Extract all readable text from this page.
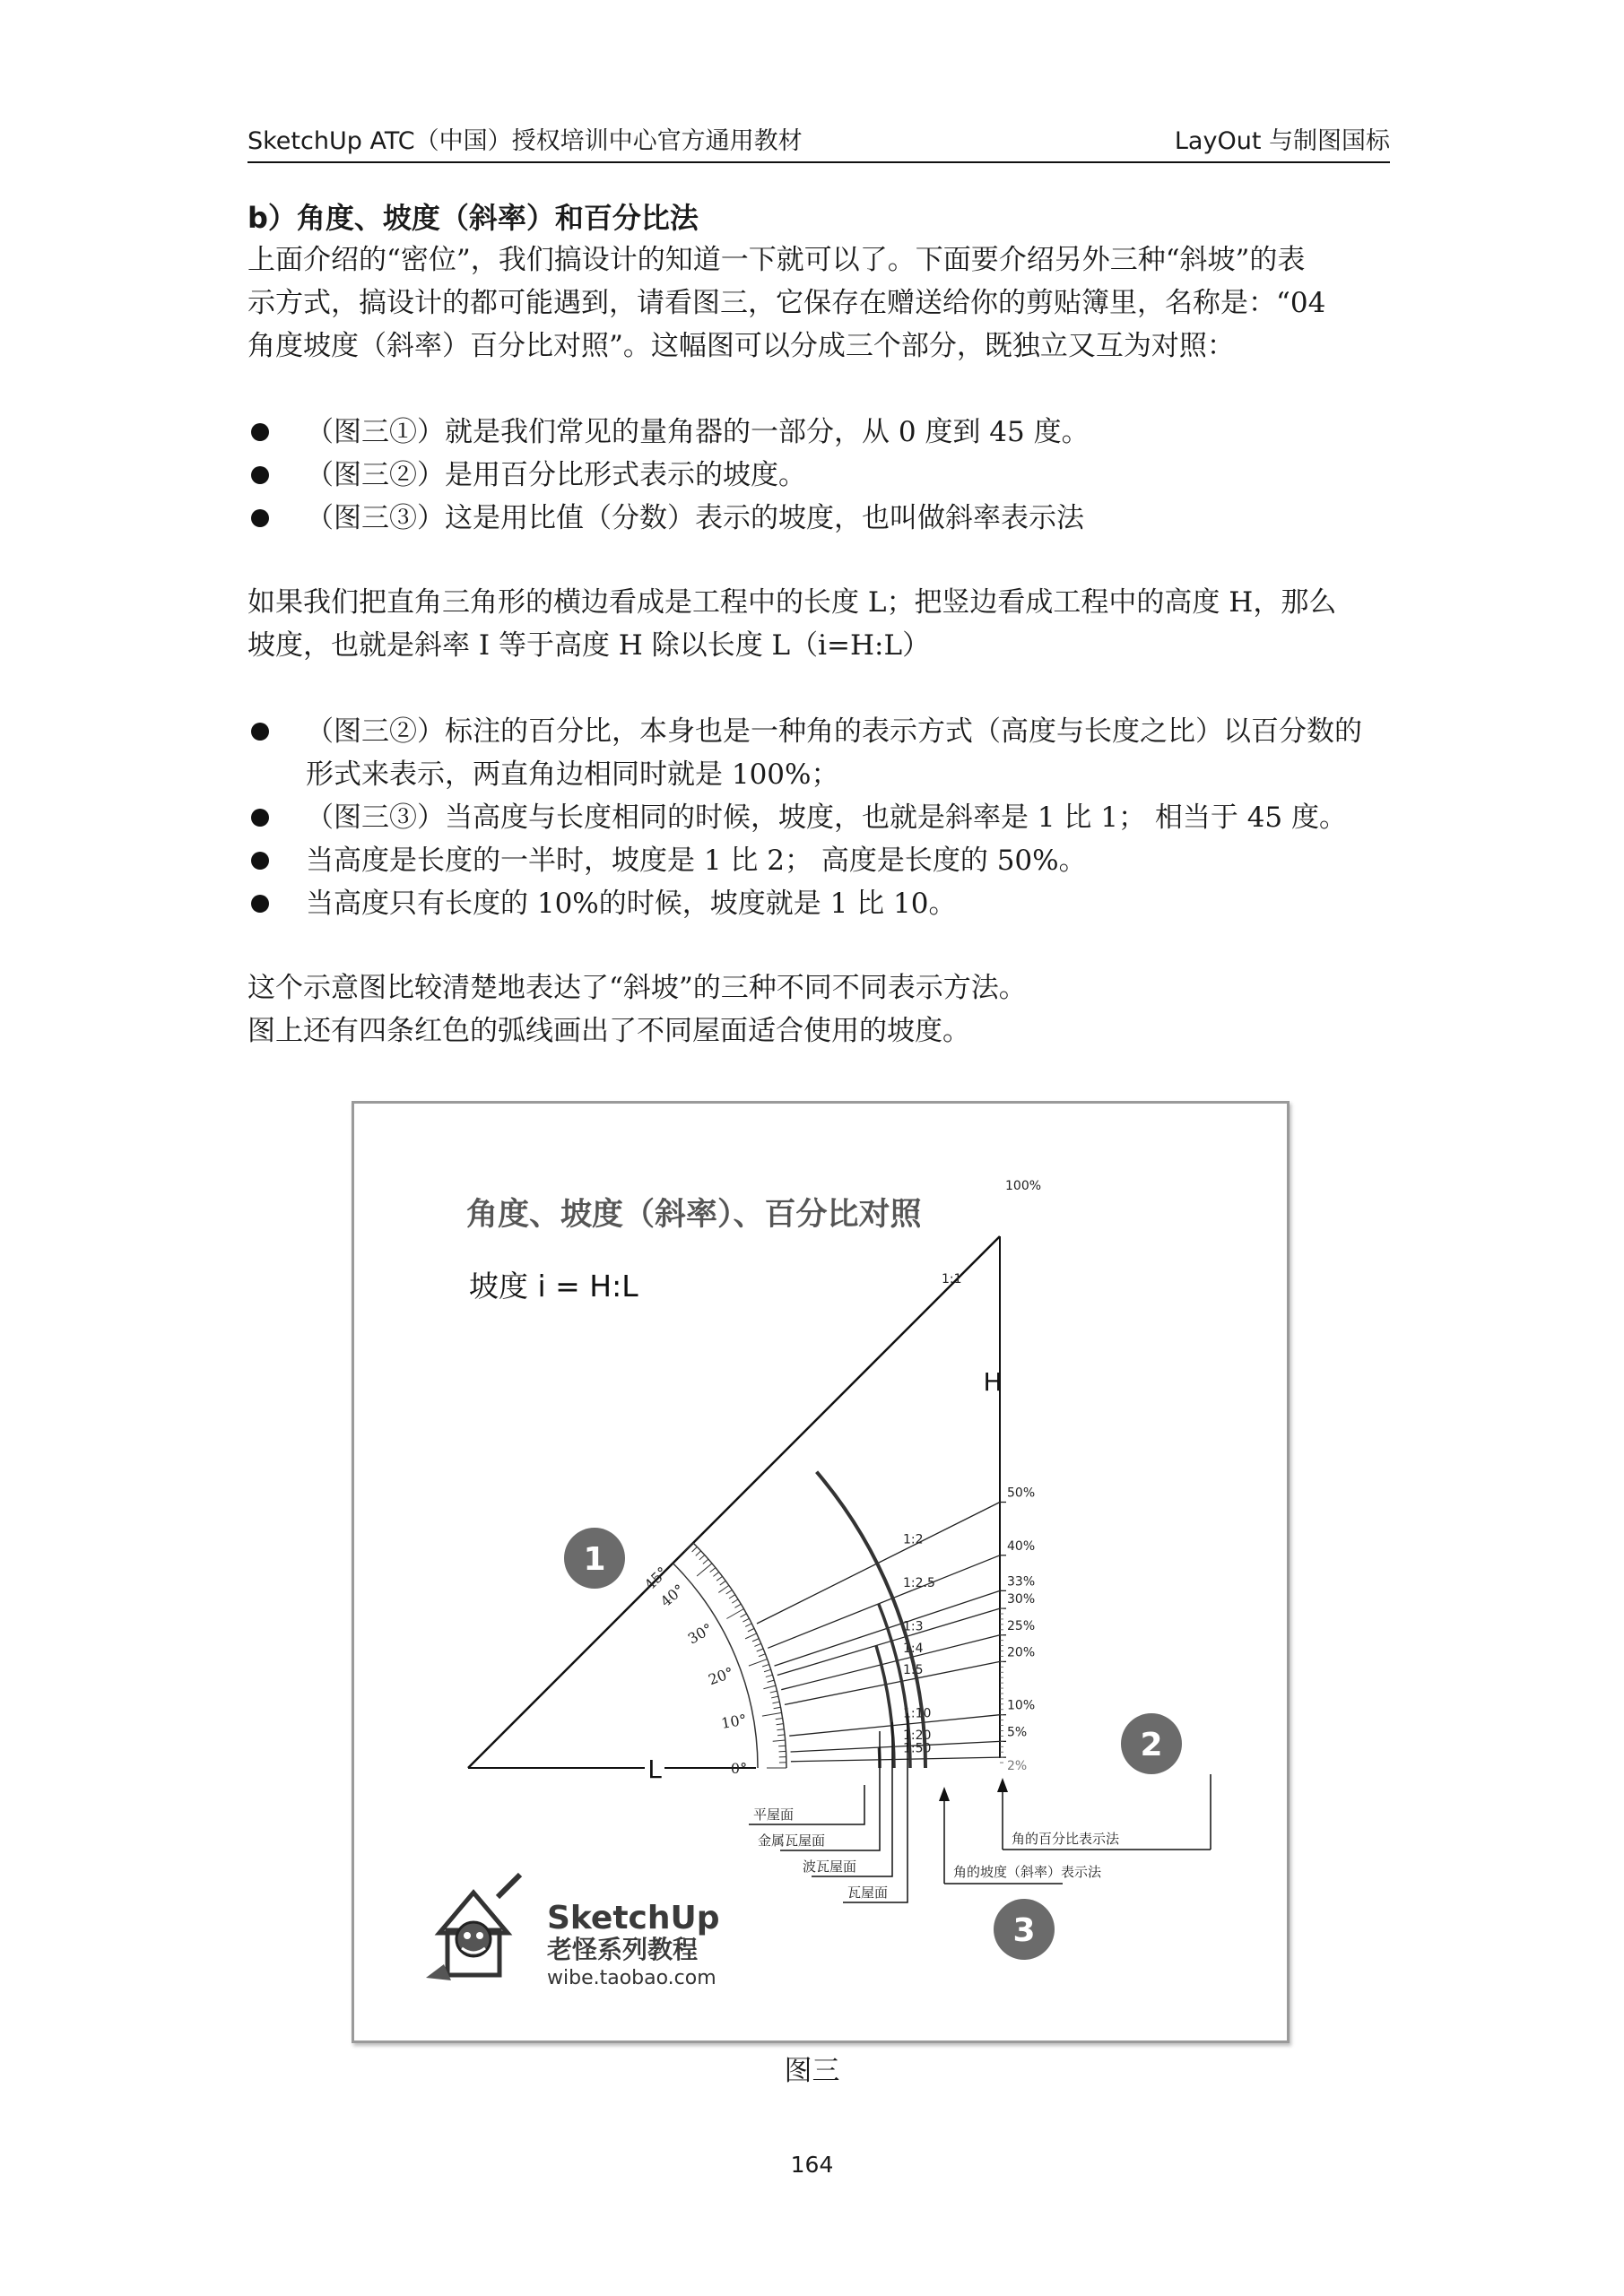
SketchUp ATC（中国）授权培训中心官方通用教材	LayOut 与制图国标
b）角度、坡度（斜率）和百分比法
上面介绍的“密位”，我们搞设计的知道一下就可以了。下面要介绍另外三种“斜坡”的表
示方式，搞设计的都可能遇到，请看图三，它保存在赠送给你的剪贴簿里，名称是：“04
角度坡度（斜率）百分比对照”。这幅图可以分成三个部分，既独立又互为对照：
（图三①）就是我们常见的量角器的一部分，从 0 度到 45 度。
（图三②）是用百分比形式表示的坡度。
（图三③）这是用比值（分数）表示的坡度，也叫做斜率表示法
如果我们把直角三角形的横边看成是工程中的长度 L；把竖边看成工程中的高度 H，那么
坡度，也就是斜率 I 等于高度 H 除以长度 L（i=H:L）
（图三②）标注的百分比，本身也是一种角的表示方式（高度与长度之比）以百分数的
形式来表示，两直角边相同时就是 100%；
（图三③）当高度与长度相同的时候，坡度，也就是斜率是 1 比 1； 相当于 45 度。
当高度是长度的一半时，坡度是 1 比 2； 高度是长度的 50%。
当高度只有长度的 10%的时候，坡度就是 1 比 10。
这个示意图比较清楚地表达了“斜坡”的三种不同不同表示方法。
图上还有四条红色的弧线画出了不同屋面适合使用的坡度。
角度、坡度（斜率）、百分比对照
坡度 i = H:L
L
H
100%
1:1
0°
10°
20°
30°
40°
45°
50%
1:2	40%
1:2.5	33%
30%
1:3	25%
1:4	20%
1:5
10%
1:10
5%
1:20
2%
1:50
平屋面
金属瓦屋面
波瓦屋面
瓦屋面
角的坡度（斜率）表示法
角的百分比表示法
1
2
3
SketchUp
老怪系列教程
wibe.taobao.com
图三
164
